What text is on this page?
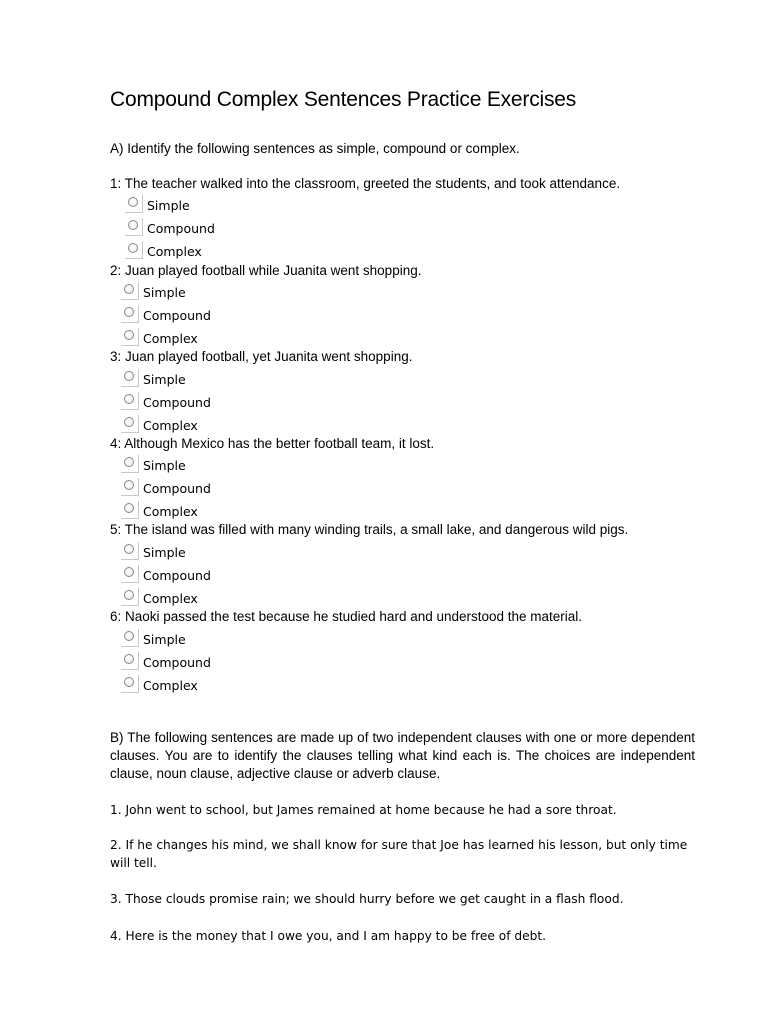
Compound Complex Sentences Practice Exercises
A) Identify the following sentences as simple, compound or complex.
1: The teacher walked into the classroom, greeted the students, and took attendance.
Simple
Compound
Complex
2: Juan played football while Juanita went shopping.
Simple
Compound
Complex
3: Juan played football, yet Juanita went shopping.
Simple
Compound
Complex
4: Although Mexico has the better football team, it lost.
Simple
Compound
Complex
5: The island was filled with many winding trails, a small lake, and dangerous wild pigs.
Simple
Compound
Complex
6: Naoki passed the test because he studied hard and understood the material.
Simple
Compound
Complex
B) The following sentences are made up of two independent clauses with one or more dependent clauses. You are to identify the clauses telling what kind each is. The choices are independent clause, noun clause, adjective clause or adverb clause.
1. John went to school, but James remained at home because he had a sore throat.
2. If he changes his mind, we shall know for sure that Joe has learned his lesson, but only time will tell.
3. Those clouds promise rain; we should hurry before we get caught in a flash flood.
4. Here is the money that I owe you, and I am happy to be free of debt.
